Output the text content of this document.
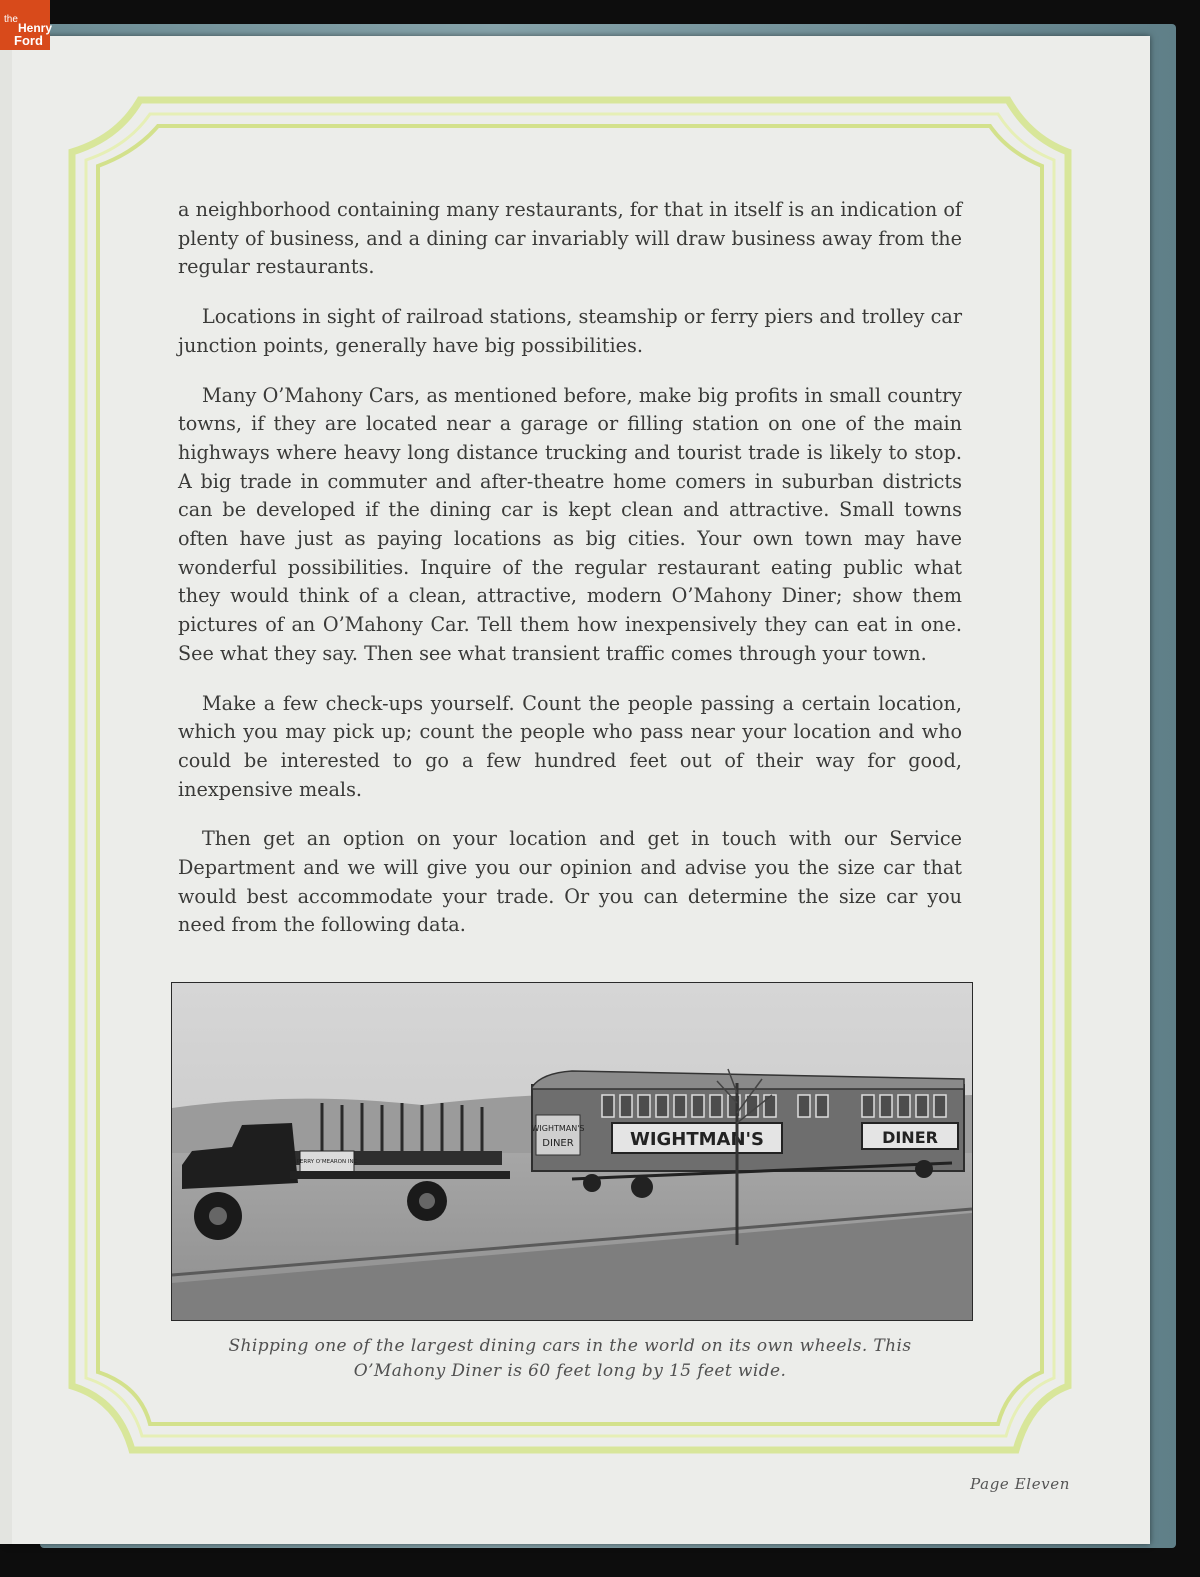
the
Henry
Ford

a neighborhood containing many restaurants, for that in itself is an indication of plenty of business, and a dining car invariably will draw business away from the regular restaurants.

Locations in sight of railroad stations, steamship or ferry piers and trolley car junction points, generally have big possibilities.

Many O’Mahony Cars, as mentioned before, make big profits in small country towns, if they are located near a garage or filling station on one of the main highways where heavy long distance trucking and tourist trade is likely to stop. A big trade in commuter and after-theatre home comers in suburban districts can be developed if the dining car is kept clean and attractive. Small towns often have just as paying locations as big cities. Your own town may have wonderful possibilities. Inquire of the regular restaurant eating public what they would think of a clean, attractive, modern O’Mahony Diner; show them pictures of an O’Mahony Car. Tell them how inexpensively they can eat in one. See what they say. Then see what transient traffic comes through your town.

Make a few check-ups yourself. Count the people passing a certain location, which you may pick up; count the people who pass near your location and who could be interested to go a few hundred feet out of their way for good, inexpensive meals.

Then get an option on your location and get in touch with our Service Department and we will give you our opinion and advise you the size car that would best accommodate your trade. Or you can determine the size car you need from the following data.

WIGHTMAN'S	DINER
WIGHTMAN'S
DINER
PERRY O’MEARON INC
Shipping one of the largest dining cars in the world on its own wheels. This
O’Mahony Diner is 60 feet long by 15 feet wide.
Page Eleven
